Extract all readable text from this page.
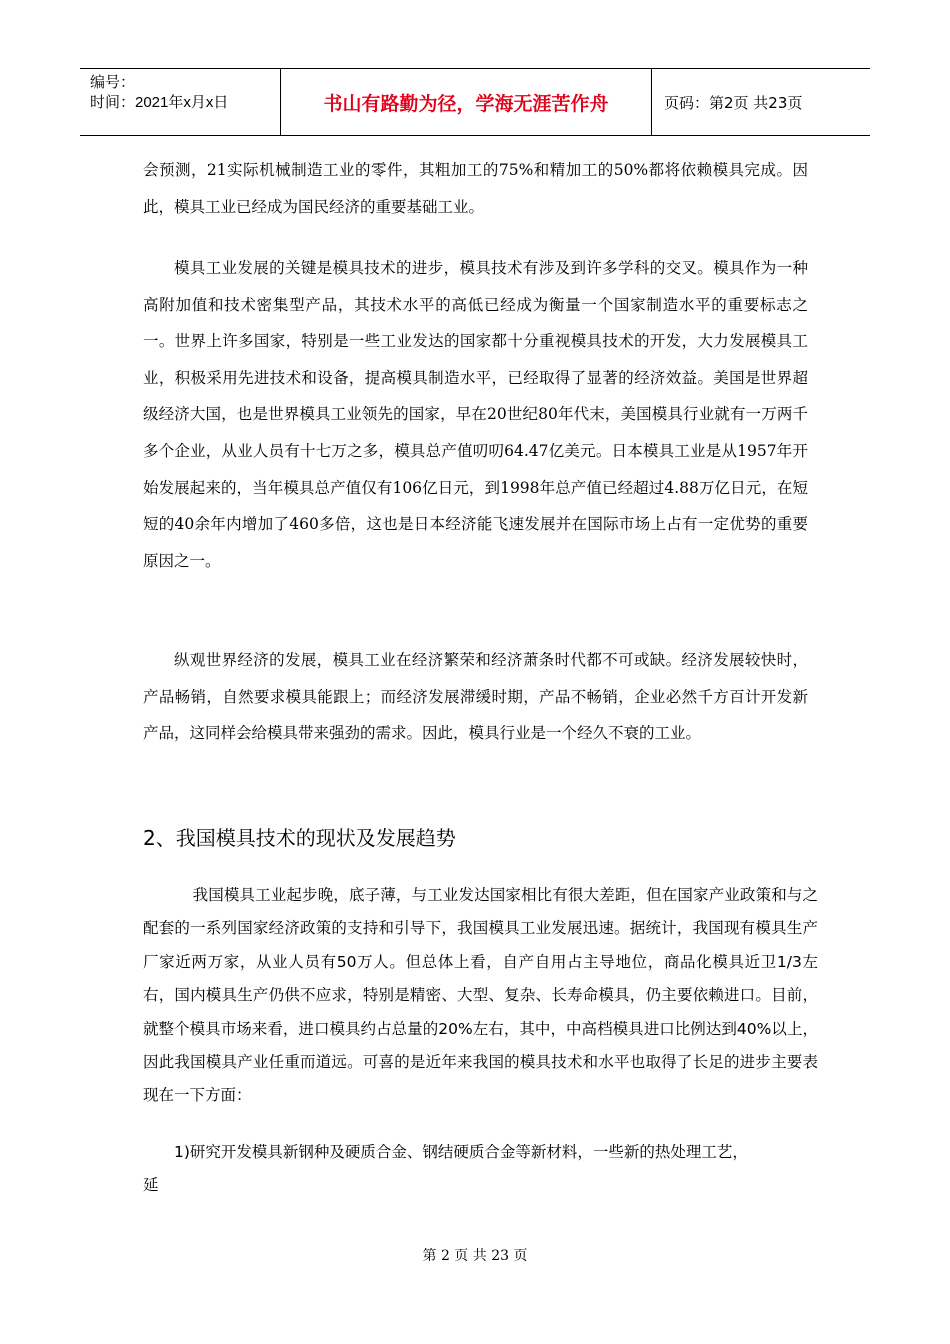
编号：
时间：2021年x月x日	书山有路勤为径，学海无涯苦作舟	页码：第2页 共23页
会预测，21实际机械制造工业的零件，其粗加工的75%和精加工的50%都将依赖模具完成。因此，模具工业已经成为国民经济的重要基础工业。
模具工业发展的关键是模具技术的进步，模具技术有涉及到许多学科的交叉。模具作为一种高附加值和技术密集型产品，其技术水平的高低已经成为衡量一个国家制造水平的重要标志之一。世界上许多国家，特别是一些工业发达的国家都十分重视模具技术的开发，大力发展模具工业，积极采用先进技术和设备，提高模具制造水平，已经取得了显著的经济效益。美国是世界超级经济大国，也是世界模具工业领先的国家，早在20世纪80年代末，美国模具行业就有一万两千多个企业，从业人员有十七万之多，模具总产值叨叨64.47亿美元。日本模具工业是从1957年开始发展起来的，当年模具总产值仅有106亿日元，到1998年总产值已经超过4.88万亿日元，在短短的40余年内增加了460多倍，这也是日本经济能飞速发展并在国际市场上占有一定优势的重要原因之一。
纵观世界经济的发展，模具工业在经济繁荣和经济萧条时代都不可或缺。经济发展较快时，产品畅销，自然要求模具能跟上；而经济发展滞缓时期，产品不畅销，企业必然千方百计开发新产品，这同样会给模具带来强劲的需求。因此，模具行业是一个经久不衰的工业。
2、我国模具技术的现状及发展趋势
我国模具工业起步晚，底子薄，与工业发达国家相比有很大差距，但在国家产业政策和与之配套的一系列国家经济政策的支持和引导下，我国模具工业发展迅速。据统计，我国现有模具生产厂家近两万家，从业人员有50万人。但总体上看，自产自用占主导地位，商品化模具近卫1/3左右，国内模具生产仍供不应求，特别是精密、大型、复杂、长寿命模具，仍主要依赖进口。目前，就整个模具市场来看，进口模具约占总量的20%左右，其中，中高档模具进口比例达到40%以上，因此我国模具产业任重而道远。可喜的是近年来我国的模具技术和水平也取得了长足的进步主要表现在一下方面：
1)研究开发模具新钢种及硬质合金、钢结硬质合金等新材料，一些新的热处理工艺，
延
第 2 页 共 23 页
